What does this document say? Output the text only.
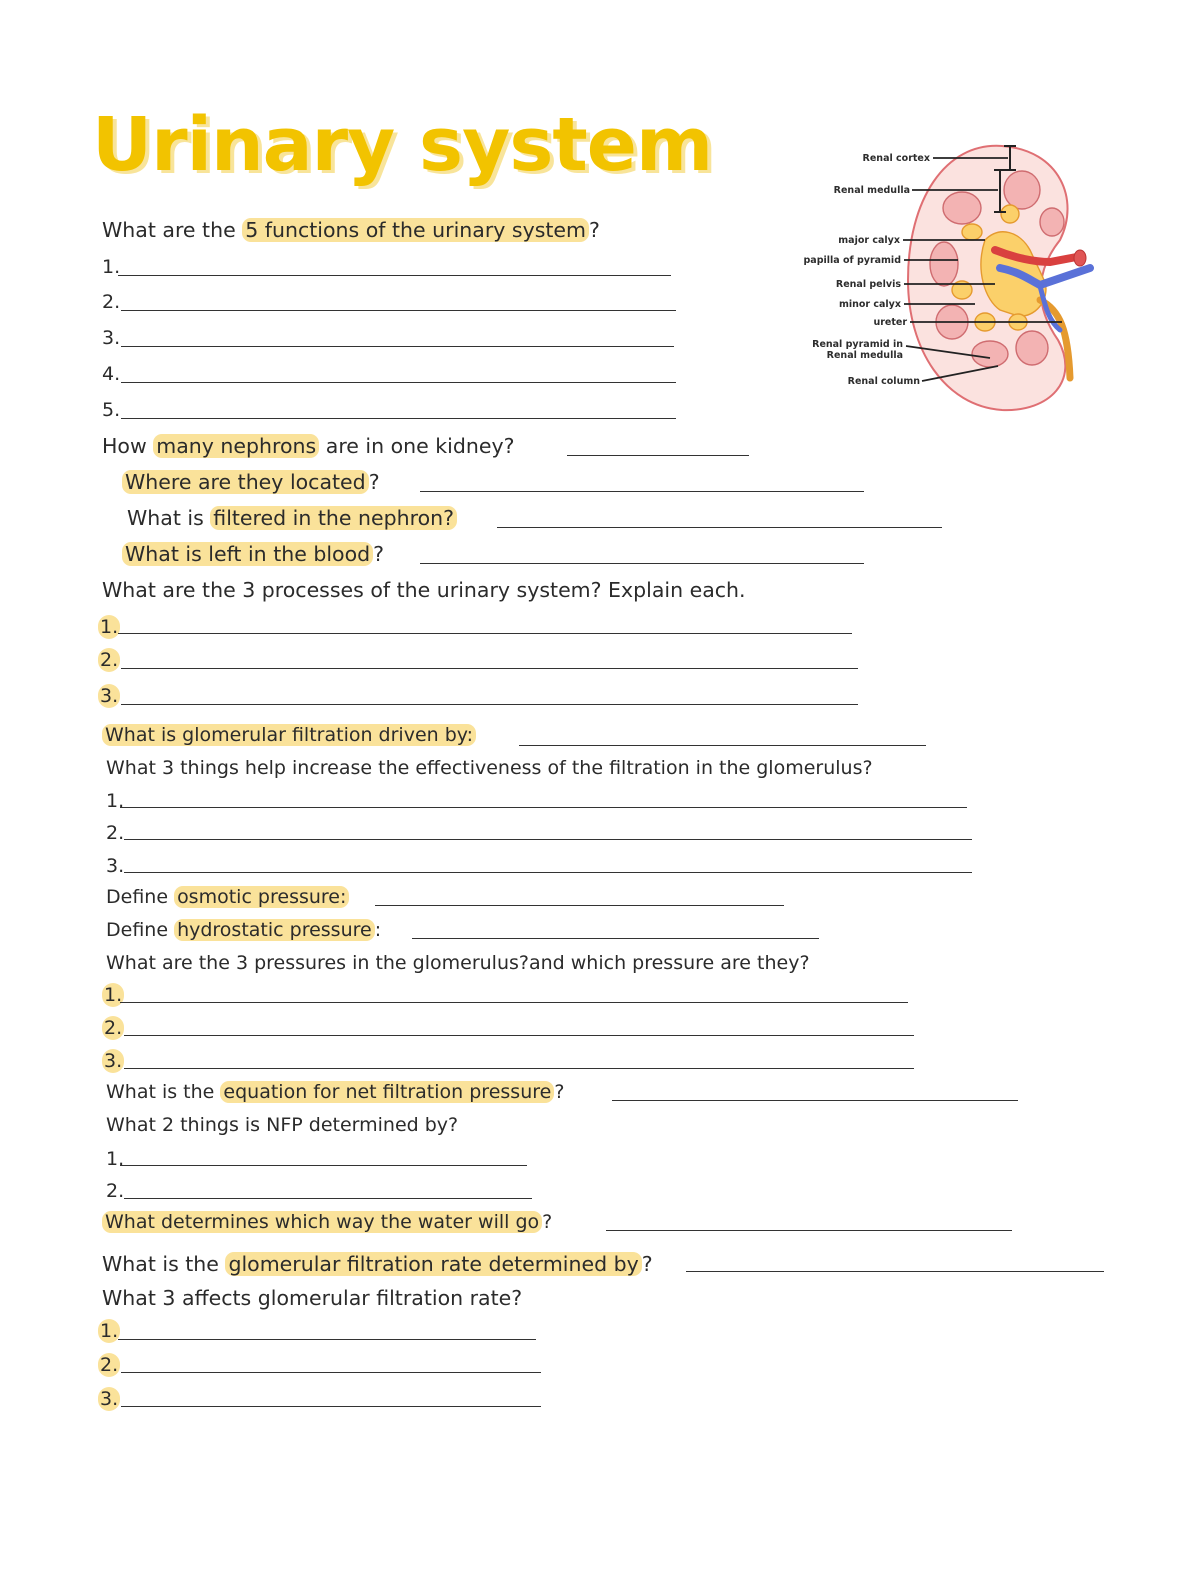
Urinary system
What are the 5 functions of the urinary system ?
1.
2.
3.
4.
5.
How many nephrons are in one kidney?
Where are they located ?
What is filtered in the nephron?
What is left in the blood ?
What are the 3 processes of the urinary system? Explain each.
1.
2.
3.
What is glomerular filtration driven by:
What 3 things help increase the effectiveness of the filtration in the glomerulus?
1.
2.
3.
Define osmotic pressure:
Define hydrostatic pressure :
What are the 3 pressures in the glomerulus?and which pressure are they?
1.
2.
3.
What is the equation for net filtration pressure ?
What 2 things is NFP determined by?
1.
2.
What determines which way the water will go ?
What is the glomerular filtration rate determined by ?
What 3 affects glomerular filtration rate?
1.
2.
3.
Renal cortex
Renal medulla
major calyx
papilla of pyramid
Renal pelvis
minor calyx
ureter
Renal pyramid in
Renal medulla
Renal column
